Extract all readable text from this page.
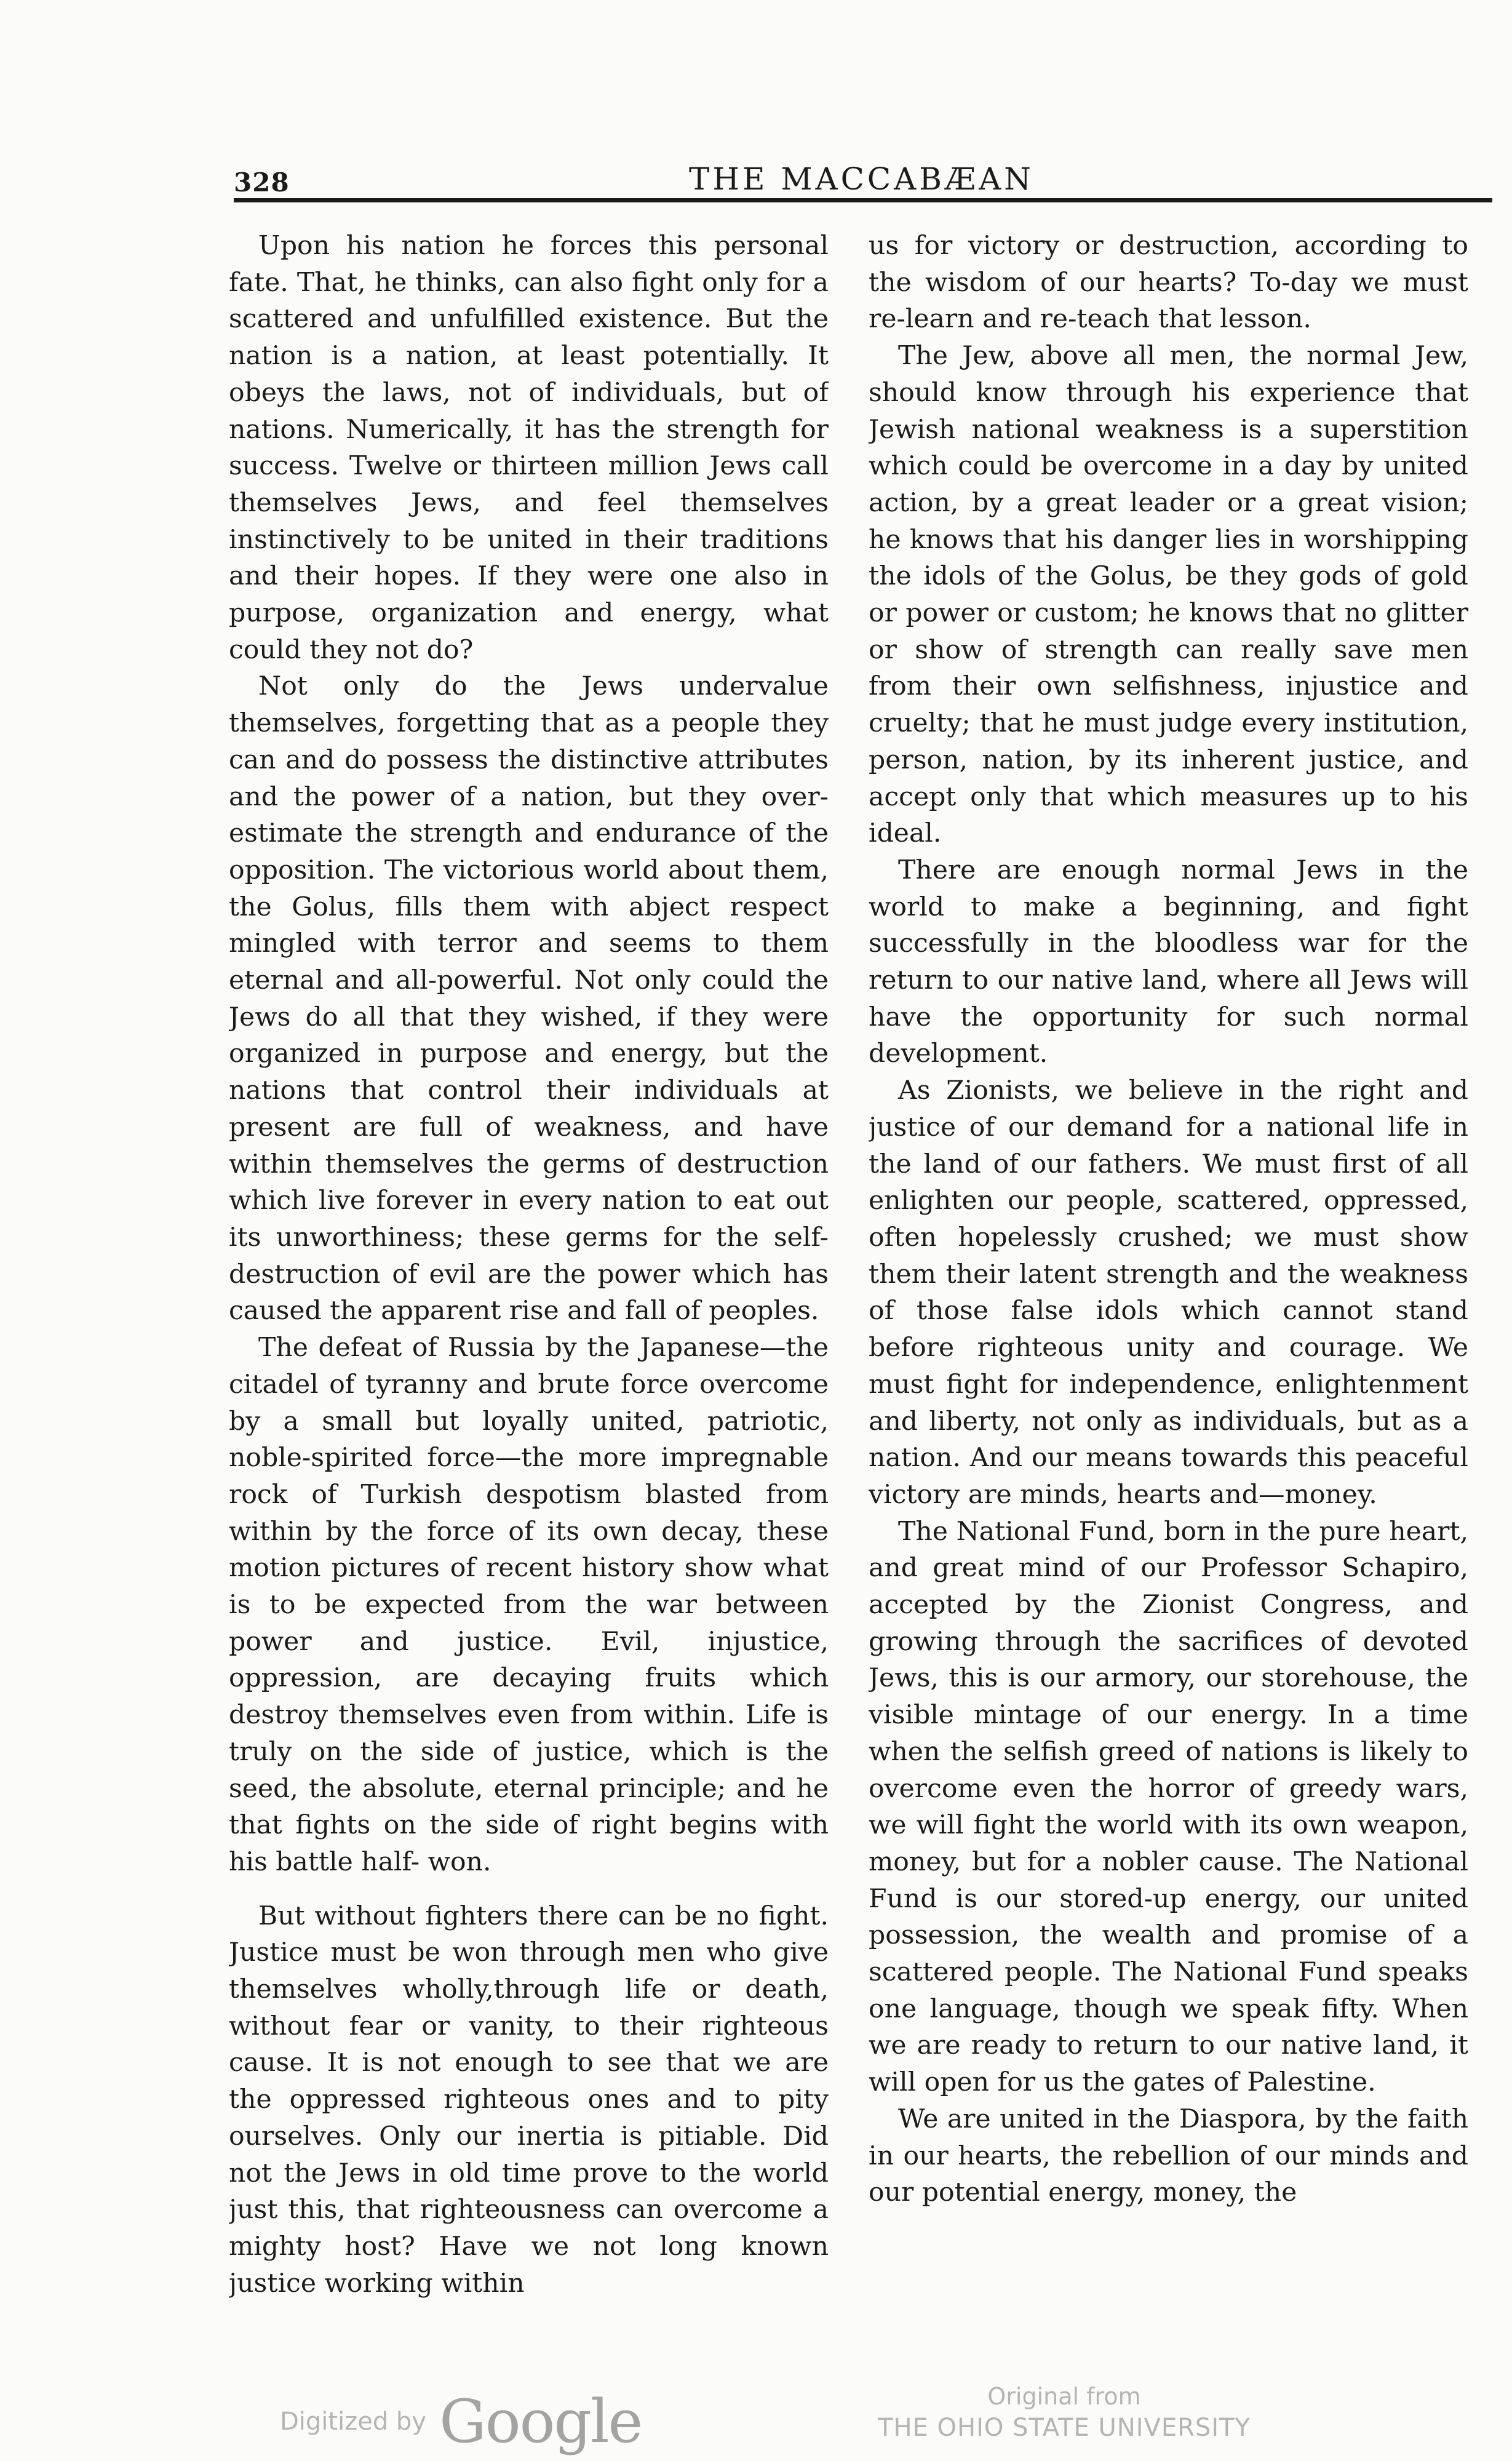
328	THE MACCABÆAN

Upon his nation he forces this personal fate. That, he thinks, can also fight only for a scattered and unfulfilled existence. But the nation is a nation, at least potentially. It obeys the laws, not of individuals, but of nations. Numerically, it has the strength for success. Twelve or thirteen million Jews call themselves Jews, and feel themselves instinctively to be united in their traditions and their hopes. If they were one also in purpose, organization and energy, what could they not do?

Not only do the Jews undervalue themselves, forgetting that as a people they can and do possess the distinctive attributes and the power of a nation, but they over-estimate the strength and endurance of the opposition. The victorious world about them, the Golus, fills them with abject respect mingled with terror and seems to them eternal and all-powerful. Not only could the Jews do all that they wished, if they were organized in purpose and energy, but the nations that control their individuals at present are full of weakness, and have within themselves the germs of destruction which live forever in every nation to eat out its unworthiness; these germs for the self-destruction of evil are the power which has caused the apparent rise and fall of peoples.

The defeat of Russia by the Japanese—the citadel of tyranny and brute force overcome by a small but loyally united, patriotic, noble-spirited force—the more impregnable rock of Turkish despotism blasted from within by the force of its own decay, these motion pictures of recent history show what is to be expected from the war between power and justice. Evil, injustice, oppression, are decaying fruits which destroy themselves even from within. Life is truly on the side of justice, which is the seed, the absolute, eternal principle; and he that fights on the side of right begins with his battle half- won.

But without fighters there can be no fight. Justice must be won through men who give themselves wholly,through life or death, without fear or vanity, to their righteous cause. It is not enough to see that we are the oppressed righteous ones and to pity ourselves. Only our inertia is pitiable. Did not the Jews in old time prove to the world just this, that righteousness can overcome a mighty host? Have we not long known justice working within

us for victory or destruction, according to the wisdom of our hearts? To-day we must re-learn and re-teach that lesson.

The Jew, above all men, the normal Jew, should know through his experience that Jewish national weakness is a superstition which could be overcome in a day by united action, by a great leader or a great vision; he knows that his danger lies in worshipping the idols of the Golus, be they gods of gold or power or custom; he knows that no glitter or show of strength can really save men from their own selfishness, injustice and cruelty; that he must judge every institution, person, nation, by its inherent justice, and accept only that which measures up to his ideal.

There are enough normal Jews in the world to make a beginning, and fight successfully in the bloodless war for the return to our native land, where all Jews will have the opportunity for such normal development.

As Zionists, we believe in the right and justice of our demand for a national life in the land of our fathers. We must first of all enlighten our people, scattered, oppressed, often hopelessly crushed; we must show them their latent strength and the weakness of those false idols which cannot stand before righteous unity and courage. We must fight for independence, enlightenment and liberty, not only as individuals, but as a nation. And our means towards this peaceful victory are minds, hearts and—money.

The National Fund, born in the pure heart, and great mind of our Professor Schapiro, accepted by the Zionist Congress, and growing through the sacrifices of devoted Jews, this is our armory, our storehouse, the visible mintage of our energy. In a time when the selfish greed of nations is likely to overcome even the horror of greedy wars, we will fight the world with its own weapon, money, but for a nobler cause. The National Fund is our stored-up energy, our united possession, the wealth and promise of a scattered people. The National Fund speaks one language, though we speak fifty. When we are ready to return to our native land, it will open for us the gates of Palestine.

We are united in the Diaspora, by the faith in our hearts, the rebellion of our minds and our potential energy, money, the

Digitized by Google	Original from
THE OHIO STATE UNIVERSITY
